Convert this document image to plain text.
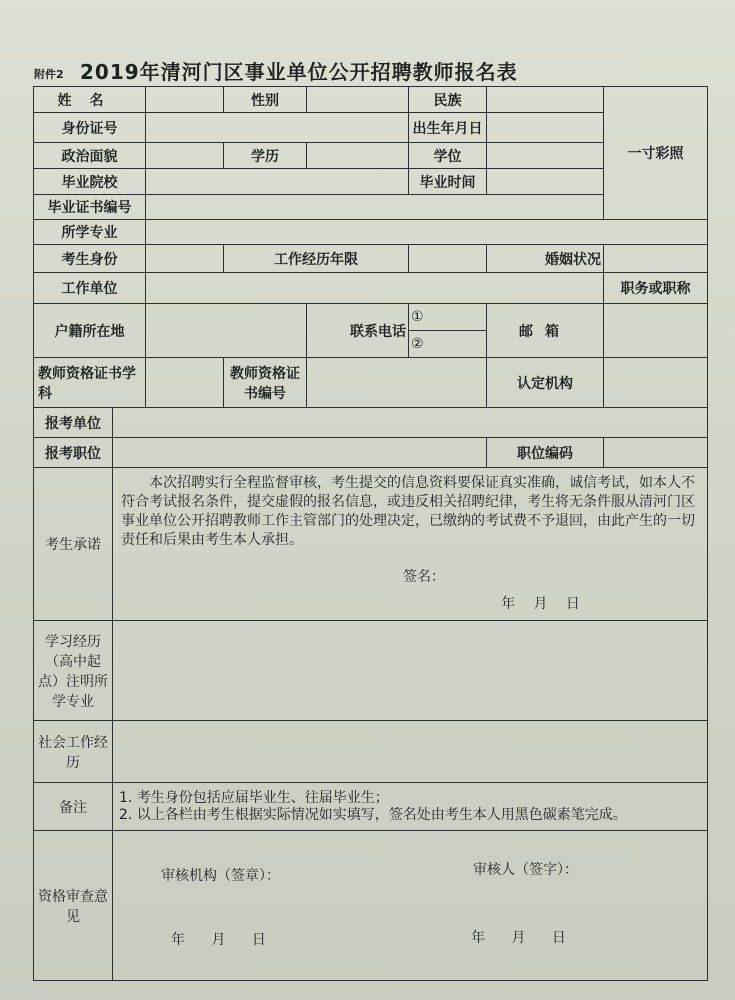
附件2 2019年清河门区事业单位公开招聘教师报名表
姓名			性别		民族		一寸彩照
身份证号					出生年月日		
政治面貌			学历		学位		
毕业院校					毕业时间		
毕业证书编号							
所学专业							
考生身份			工作经历年限			婚姻状况	
工作单位							职务或职称
户籍所在地				联系电话	①	邮箱	
					②		
教师资格证书学科			教师资格证书编号			认定机构	
报考单位							
报考职位						职位编码	
考生承诺	本次招聘实行全程监督审核，考生提交的信息资料要保证真实准确，诚信考试，如本人不符合考试报名条件，提交虚假的报名信息，或违反相关招聘纪律，考生将无条件服从清河门区事业单位公开招聘教师工作主管部门的处理决定，已缴纳的考试费不予退回，由此产生的一切责任和后果由考生本人承担。

签名：
年 月 日						

学习经历（高中起点）注明所学专业							
社会工作经历							
备注	1. 考生身份包括应届毕业生、往届毕业生；
2. 以上各栏由考生根据实际情况如实填写，签名处由考生本人用黑色碳素笔完成。						

资格审查意见	审核机构（签章）： 审核人（签字）：
年 月 日 年 月 日						
